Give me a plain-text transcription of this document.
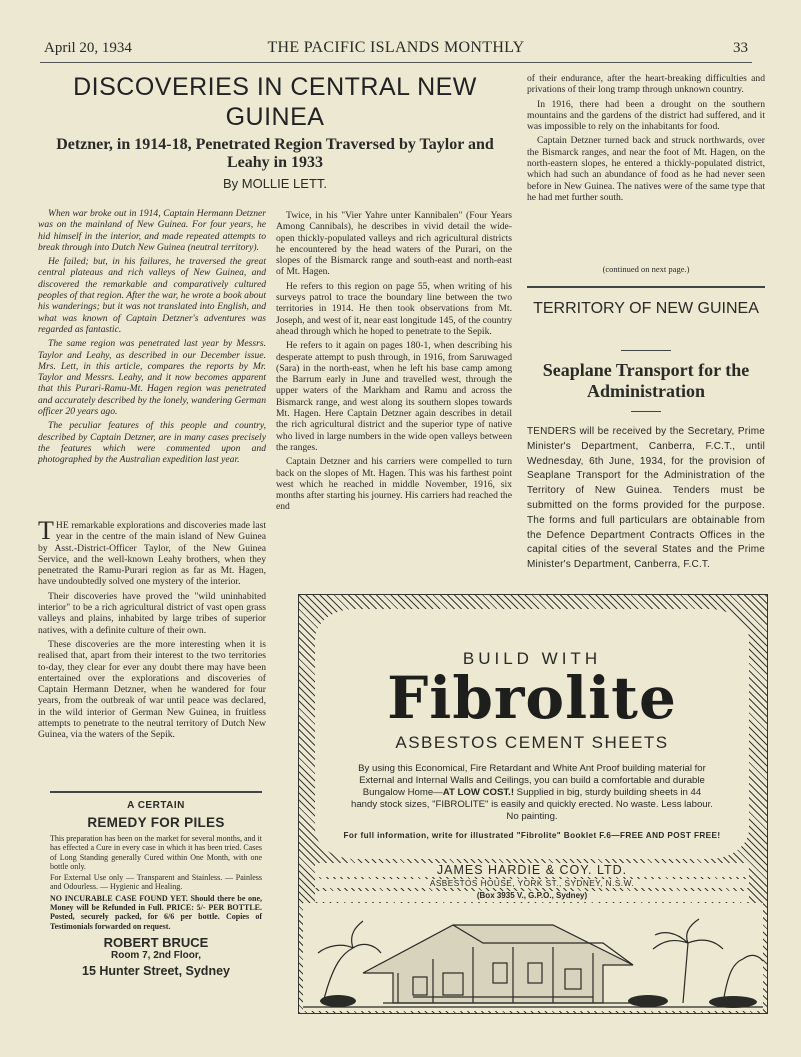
April 20, 1934	THE PACIFIC ISLANDS MONTHLY	33
DISCOVERIES IN CENTRAL NEW GUINEA
Detzner, in 1914-18, Penetrated Region Traversed by Taylor and Leahy in 1933
By MOLLIE LETT.

When war broke out in 1914, Captain Hermann Detzner was on the mainland of New Guinea. For four years, he hid himself in the interior, and made repeated attempts to break through into Dutch New Guinea (neutral territory).

He failed; but, in his failures, he traversed the great central plateaus and rich valleys of New Guinea, and discovered the remarkable and comparatively cultured peoples of that region. After the war, he wrote a book about his wanderings; but it was not translated into English, and what was known of Captain Detzner's adventures was regarded as fantastic.

The same region was penetrated last year by Messrs. Taylor and Leahy, as described in our December issue. Mrs. Lett, in this article, compares the reports by Mr. Taylor and Messrs. Leahy, and it now becomes apparent that this Purari-Ramu-Mt. Hagen region was penetrated and accurately described by the lonely, wandering German officer 20 years ago.

The peculiar features of this people and country, described by Captain Detzner, are in many cases precisely the features which were commented upon and photographed by the Australian expedition last year.

THE remarkable explorations and discoveries made last year in the centre of the main island of New Guinea by Asst.-District-Officer Taylor, of the New Guinea Service, and the well-known Leahy brothers, when they penetrated the Ramu-Purari region as far as Mt. Hagen, have undoubtedly solved one mystery of the interior.

Their discoveries have proved the "wild uninhabited interior" to be a rich agricultural district of vast open grass valleys and plains, inhabited by large tribes of superior natives, with a definite culture of their own.

These discoveries are the more interesting when it is realised that, apart from their interest to the two territories to-day, they clear for ever any doubt there may have been entertained over the explorations and discoveries of Captain Hermann Detzner, when he wandered for four years, from the outbreak of war until peace was declared, in the wild interior of German New Guinea, in fruitless attempts to penetrate to the neutral territory of Dutch New Guinea, via the waters of the Sepik.

Twice, in his "Vier Yahre unter Kannibalen" (Four Years Among Cannibals), he describes in vivid detail the wide-open thickly-populated valleys and rich agricultural districts he encountered by the head waters of the Purari, on the slopes of the Bismarck range and south-east and north-east of Mt. Hagen.

He refers to this region on page 55, when writing of his surveys patrol to trace the boundary line between the two territories in 1914. He then took observations from Mt. Joseph, and west of it, near east longitude 145, of the country ahead through which he hoped to penetrate to the Sepik.

He refers to it again on pages 180-1, when describing his desperate attempt to push through, in 1916, from Saruwaged (Sara) in the north-east, when he left his base camp among the Barrum early in June and travelled west, through the upper waters of the Markham and Ramu and across the Bismarck range, and west along its southern slopes towards Mt. Hagen. Here Captain Detzner again describes in detail the rich agricultural district and the superior type of native who lived in large numbers in the wide open valleys between the ranges.

Captain Detzner and his carriers were compelled to turn back on the slopes of Mt. Hagen. This was his farthest point west which he reached in middle November, 1916, six months after starting his journey. His carriers had reached the end

of their endurance, after the heart-breaking difficulties and privations of their long tramp through unknown country.

In 1916, there had been a drought on the southern mountains and the gardens of the district had suffered, and it was impossible to rely on the inhabitants for food.

Captain Detzner turned back and struck northwards, over the Bismarck ranges, and near the foot of Mt. Hagen, on the north-eastern slopes, he entered a thickly-populated district, which had such an abundance of food as he had never seen before in New Guinea. The natives were of the same type that he had met further south.

(continued on next page.)
TERRITORY OF NEW GUINEA
Seaplane Transport for the Administration

TENDERS will be received by the Secretary, Prime Minister's Department, Canberra, F.C.T., until Wednesday, 6th June, 1934, for the provision of Seaplane Transport for the Administration of the Territory of New Guinea. Tenders must be submitted on the forms provided for the purpose. The forms and full particulars are obtainable from the Defence Department Contracts Offices in the capital cities of the several States and the Prime Minister's Department, Canberra, F.C.T.

A CERTAIN
REMEDY FOR PILES

This preparation has been on the market for several months, and it has effected a Cure in every case in which it has been tried. Cases of Long Standing generally Cured within One Month, with one bottle only.

For External Use only — Transparent and Stainless. — Painless and Odourless. — Hygienic and Healing.

NO INCURABLE CASE FOUND YET. Should there be one, Money will be Refunded in Full. PRICE: 5/- PER BOTTLE. Posted, securely packed, for 6/6 per bottle. Copies of Testimonials forwarded on request.

ROBERT BRUCE
Room 7, 2nd Floor,
15 Hunter Street, Sydney
BUILD WITH
Fibrolite
ASBESTOS CEMENT SHEETS
By using this Economical, Fire Retardant and White Ant Proof building material for External and Internal Walls and Ceilings, you can build a comfortable and durable Bungalow Home—AT LOW COST.! Supplied in big, sturdy building sheets in 44 handy stock sizes, "FIBROLITE" is easily and quickly erected. No waste. Less labour. No painting.
For full information, write for illustrated "Fibrolite" Booklet F.6—FREE AND POST FREE!
JAMES HARDIE & COY. LTD.
ASBESTOS HOUSE, YORK ST., SYDNEY, N.S.W.
(Box 3935 V., G.P.O., Sydney)
